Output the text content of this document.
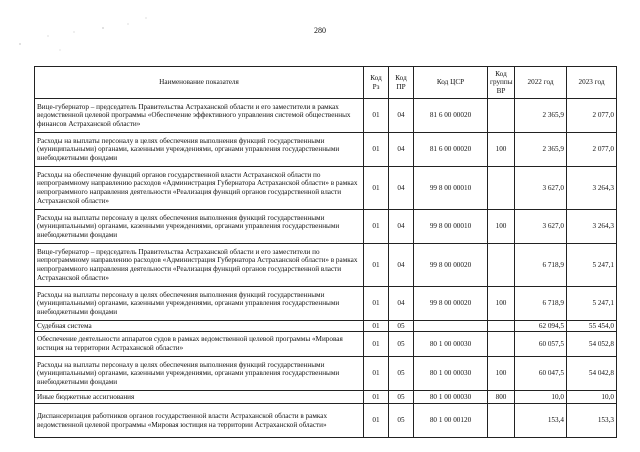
280
Наименование показателя	Код Рз	Код ПР	Код ЦСР	Код группы ВР	2022 год	2023 год
Вице-губернатор – председатель Правительства Астраханской области и его заместители в рамках ведомственной целевой программы «Обеспечение эффективного управления системой общественных финансов Астраханской области»	01	04	81 6 00 00020		2 365,9	2 077,0
Расходы на выплаты персоналу в целях обеспечения выполнения функций государственными (муниципальными) органами, казенными учреждениями, органами управления государственными внебюджетными фондами	01	04	81 6 00 00020	100	2 365,9	2 077,0
Расходы на обеспечение функций органов государственной власти Астраханской области по непрограммному направлению расходов «Администрация Губернатора Астраханской области» в рамках непрограммного направления деятельности «Реализация функций органов государственной власти Астраханской области»	01	04	99 8 00 00010		3 627,0	3 264,3
Расходы на выплаты персоналу в целях обеспечения выполнения функций государственными (муниципальными) органами, казенными учреждениями, органами управления государственными внебюджетными фондами	01	04	99 8 00 00010	100	3 627,0	3 264,3
Вице-губернатор – председатель Правительства Астраханской области и его заместители по непрограммному направлению расходов «Администрация Губернатора Астраханской области» в рамках непрограммного направления деятельности «Реализация функций органов государственной власти Астраханской области»	01	04	99 8 00 00020		6 718,9	5 247,1
Расходы на выплаты персоналу в целях обеспечения выполнения функций государственными (муниципальными) органами, казенными учреждениями, органами управления государственными внебюджетными фондами	01	04	99 8 00 00020	100	6 718,9	5 247,1
Судебная система	01	05			62 094,5	55 454,0
Обеспечение деятельности аппаратов судов в рамках ведомственной целевой программы «Мировая юстиция на территории Астраханской области»	01	05	80 1 00 00030		60 057,5	54 052,8
Расходы на выплаты персоналу в целях обеспечения выполнения функций государственными (муниципальными) органами, казенными учреждениями, органами управления государственными внебюджетными фондами	01	05	80 1 00 00030	100	60 047,5	54 042,8
Иные бюджетные ассигнования	01	05	80 1 00 00030	800	10,0	10,0
Диспансеризация работников органов государственной власти Астраханской области в рамках ведомственной целевой программы «Мировая юстиция на территории Астраханской области»	01	05	80 1 00 00120		153,4	153,3
